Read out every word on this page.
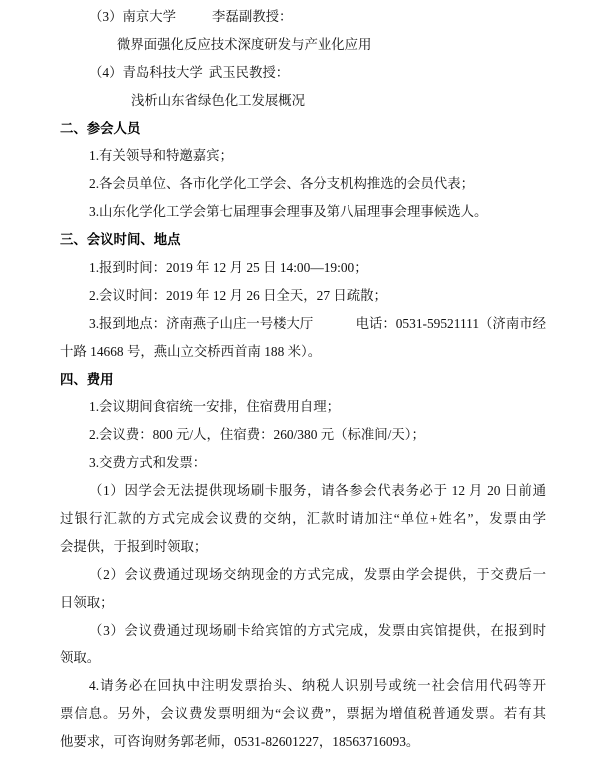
（3）南京大学	李磊副教授：
微界面强化反应技术深度研发与产业化应用
（4）青岛科技大学 武玉民教授：
浅析山东省绿色化工发展概况
二、参会人员
1.有关领导和特邀嘉宾；
2.各会员单位、各市化学化工学会、各分支机构推选的会员代表；
3.山东化学化工学会第七届理事会理事及第八届理事会理事候选人。
三、会议时间、地点
1.报到时间：2019 年 12 月 25 日 14:00—19:00；
2.会议时间：2019 年 12 月 26 日全天，27 日疏散；
3.报到地点：济南燕子山庄一号楼大厅	电话：0531-59521111（济南市经
十路 14668 号，燕山立交桥西首南 188 米）。
四、费用
1.会议期间食宿统一安排，住宿费用自理；
2.会议费：800 元/人，住宿费：260/380 元（标准间/天）；
3.交费方式和发票：
（1）因学会无法提供现场刷卡服务，请各参会代表务必于 12 月 20 日前通
过银行汇款的方式完成会议费的交纳，汇款时请加注“单位+姓名”，发票由学
会提供，于报到时领取；
（2）会议费通过现场交纳现金的方式完成，发票由学会提供，于交费后一
日领取；
（3）会议费通过现场刷卡给宾馆的方式完成，发票由宾馆提供，在报到时
领取。
4.请务必在回执中注明发票抬头、纳税人识别号或统一社会信用代码等开
票信息。另外，会议费发票明细为“会议费”，票据为增值税普通发票。若有其
他要求，可咨询财务郭老师，0531-82601227，18563716093。
